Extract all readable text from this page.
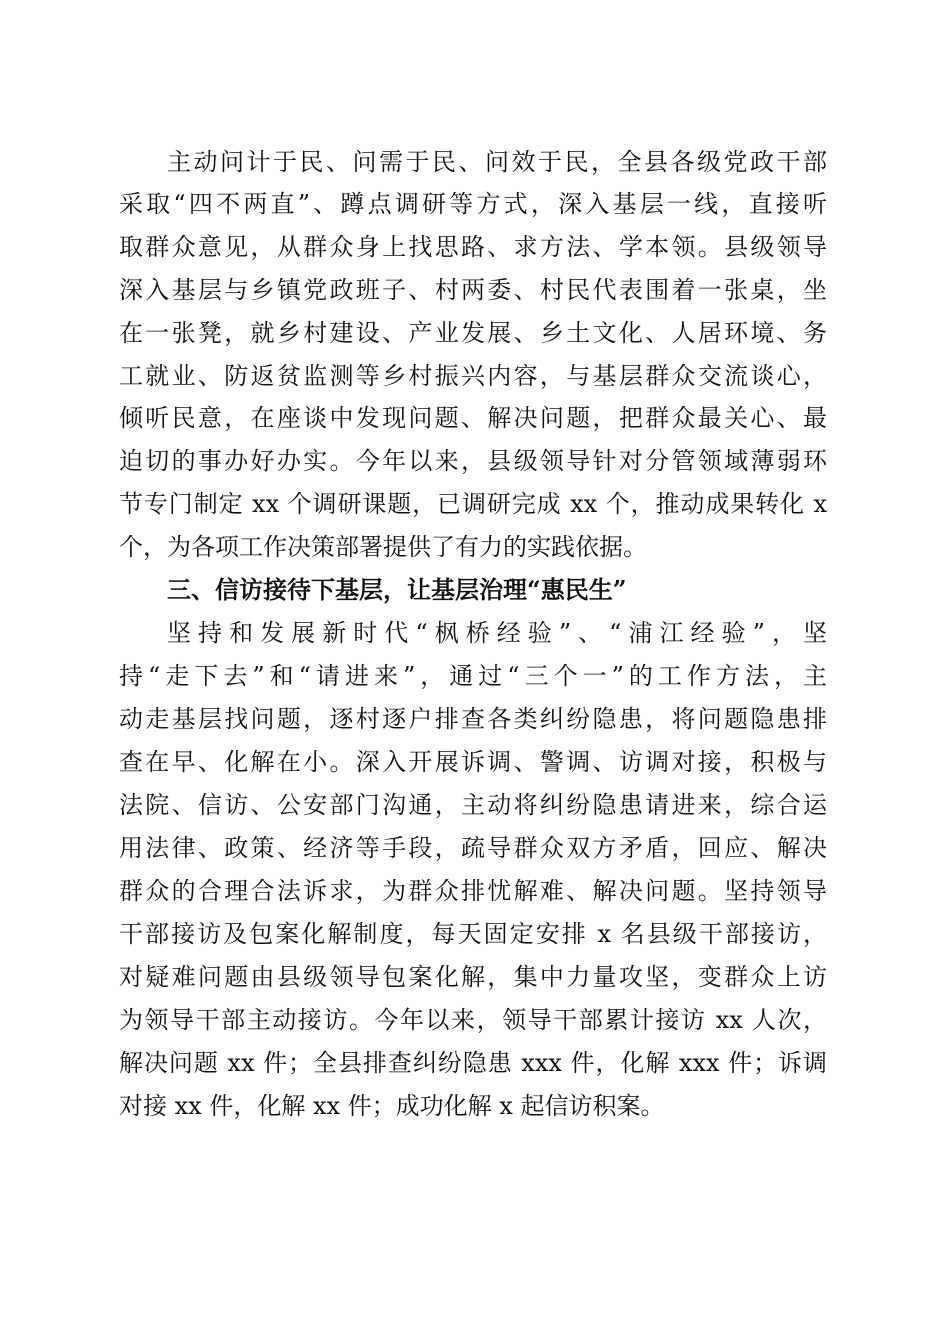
主动问计于民、问需于民、问效于民，全县各级党政干部
采取“四不两直”、蹲点调研等方式，深入基层一线，直接听
取群众意见，从群众身上找思路、求方法、学本领。县级领导
深入基层与乡镇党政班子、村两委、村民代表围着一张桌，坐
在一张凳，就乡村建设、产业发展、乡土文化、人居环境、务
工就业、防返贫监测等乡村振兴内容，与基层群众交流谈心，
倾听民意，在座谈中发现问题、解决问题，把群众最关心、最
迫切的事办好办实。今年以来，县级领导针对分管领域薄弱环
节专门制定 xx 个调研课题，已调研完成 xx 个，推动成果转化 x
个，为各项工作决策部署提供了有力的实践依据。
三、信访接待下基层，让基层治理“惠民生”
坚持和发展新时代“枫桥经验”、“浦江经验”，坚
持“走下去”和“请进来”，通过“三个一”的工作方法，主
动走基层找问题，逐村逐户排查各类纠纷隐患，将问题隐患排
查在早、化解在小。深入开展诉调、警调、访调对接，积极与
法院、信访、公安部门沟通，主动将纠纷隐患请进来，综合运
用法律、政策、经济等手段，疏导群众双方矛盾，回应、解决
群众的合理合法诉求，为群众排忧解难、解决问题。坚持领导
干部接访及包案化解制度，每天固定安排 x 名县级干部接访，
对疑难问题由县级领导包案化解，集中力量攻坚，变群众上访
为领导干部主动接访。今年以来，领导干部累计接访 xx 人次，
解决问题 xx 件；全县排查纠纷隐患 xxx 件，化解 xxx 件；诉调
对接 xx 件，化解 xx 件；成功化解 x 起信访积案。
